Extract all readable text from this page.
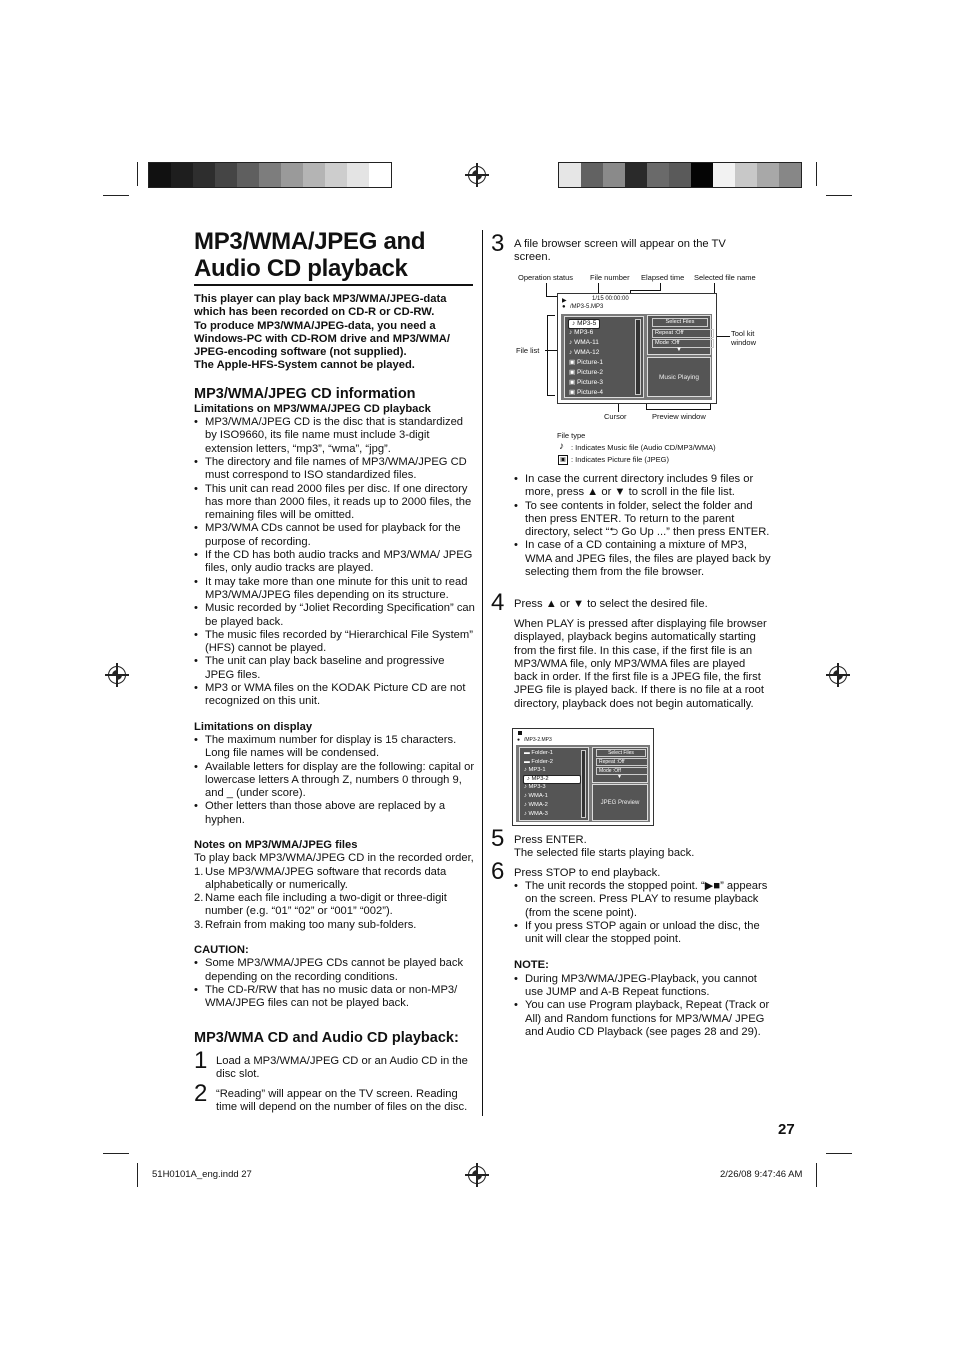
MP3/WMA/JPEG and Audio CD playback

This player can play back MP3/WMA/JPEG-data which has been recorded on CD-R or CD-RW.

To produce MP3/WMA/JPEG-data, you need a Windows-PC with CD-ROM drive and MP3/WMA/ JPEG-encoding software (not supplied).

The Apple-HFS-System cannot be played.

MP3/WMA/JPEG CD information
Limitations on MP3/WMA/JPEG CD playback
• MP3/WMA/JPEG CD is the disc that is standardized by ISO9660, its file name must include 3-digit extension letters, “mp3”, “wma”, “jpg”.
• The directory and file names of MP3/WMA/JPEG CD must correspond to ISO standardized files.
• This unit can read 2000 files per disc. If one directory has more than 2000 files, it reads up to 2000 files, the remaining files will be omitted.
• MP3/WMA CDs cannot be used for playback for the purpose of recording.
• If the CD has both audio tracks and MP3/WMA/ JPEG files, only audio tracks are played.
• It may take more than one minute for this unit to read MP3/WMA/JPEG files depending on its structure.
• Music recorded by “Joliet Recording Specification” can be played back.
• The music files recorded by “Hierarchical File System” (HFS) cannot be played.
• The unit can play back baseline and progressive JPEG files.
• MP3 or WMA files on the KODAK Picture CD are not recognized on this unit.
Limitations on display
• The maximum number for display is 15 characters. Long file names will be condensed.
• Available letters for display are the following: capital or lowercase letters A through Z, numbers 0 through 9, and _ (under score).
• Other letters than those above are replaced by a hyphen.
Notes on MP3/WMA/JPEG files

To play back MP3/WMA/JPEG CD in the recorded order,

1. Use MP3/WMA/JPEG software that records data alphabetically or numerically.
2. Name each file including a two-digit or three-digit number (e.g. “01” “02” or “001” “002”).
3. Refrain from making too many sub-folders.
CAUTION:
• Some MP3/WMA/JPEG CDs cannot be played back depending on the recording conditions.
• The CD-R/RW that has no music data or non-MP3/ WMA/JPEG files can not be played back.
MP3/WMA CD and Audio CD playback:
1 Load a MP3/WMA/JPEG CD or an Audio CD in the disc slot.
2 “Reading” will appear on the TV screen. Reading time will depend on the number of files on the disc.
3 A file browser screen will appear on the TV screen.
Operation status File number Elapsed time Selected file name
Tool kit window
File list
Cursor	Preview window
▶	1/15 00:00:00
● /MP3-5.MP3
♪ MP3-5
♪ MP3-6
♪ WMA-11
♪ WMA-12
▣ Picture-1
▣ Picture-2
▣ Picture-3
▣ Picture-4
Select Files
Repeat :Off
Mode :Off
▼
Music Playing
File type
♪ : Indicates Music file (Audio CD/MP3/WMA)
▣ : Indicates Picture file (JPEG)
• In case the current directory includes 9 files or more, press ▲ or ▼ to scroll in the file list.
• To see contents in folder, select the folder and then press ENTER. To return to the parent directory, select “⮌ Go Up ...” then press ENTER.
• In case of a CD containing a mixture of MP3, WMA and JPEG files, the files are played back by selecting them from the file browser.
4 Press ▲ or ▼ to select the desired file.
When PLAY is pressed after displaying file browser displayed, playback begins automatically starting from the first file. In this case, if the first file is an MP3/WMA file, only MP3/WMA files are played back in order. If the first file is a JPEG file, the first JPEG file is played back. If there is no file at a root directory, playback does not begin automatically.
● /MP3-2.MP3
▬ Folder-1
▬ Folder-2
♪ MP3-1
♪ MP3-2
♪ MP3-3
♪ WMA-1
♪ WMA-2
♪ WMA-3
Select Files
Repeat :Off
Mode :Off
▼
JPEG Preview
5 Press ENTER.
The selected file starts playing back.
6 Press STOP to end playback.
• The unit records the stopped point. “▶■” appears on the screen. Press PLAY to resume playback (from the scene point).
• If you press STOP again or unload the disc, the unit will clear the stopped point.
NOTE:
• During MP3/WMA/JPEG-Playback, you cannot use JUMP and A-B Repeat functions.
• You can use Program playback, Repeat (Track or All) and Random functions for MP3/WMA/ JPEG and Audio CD Playback (see pages 28 and 29).
27
51H0101A_eng.indd 27	2/26/08 9:47:46 AM
